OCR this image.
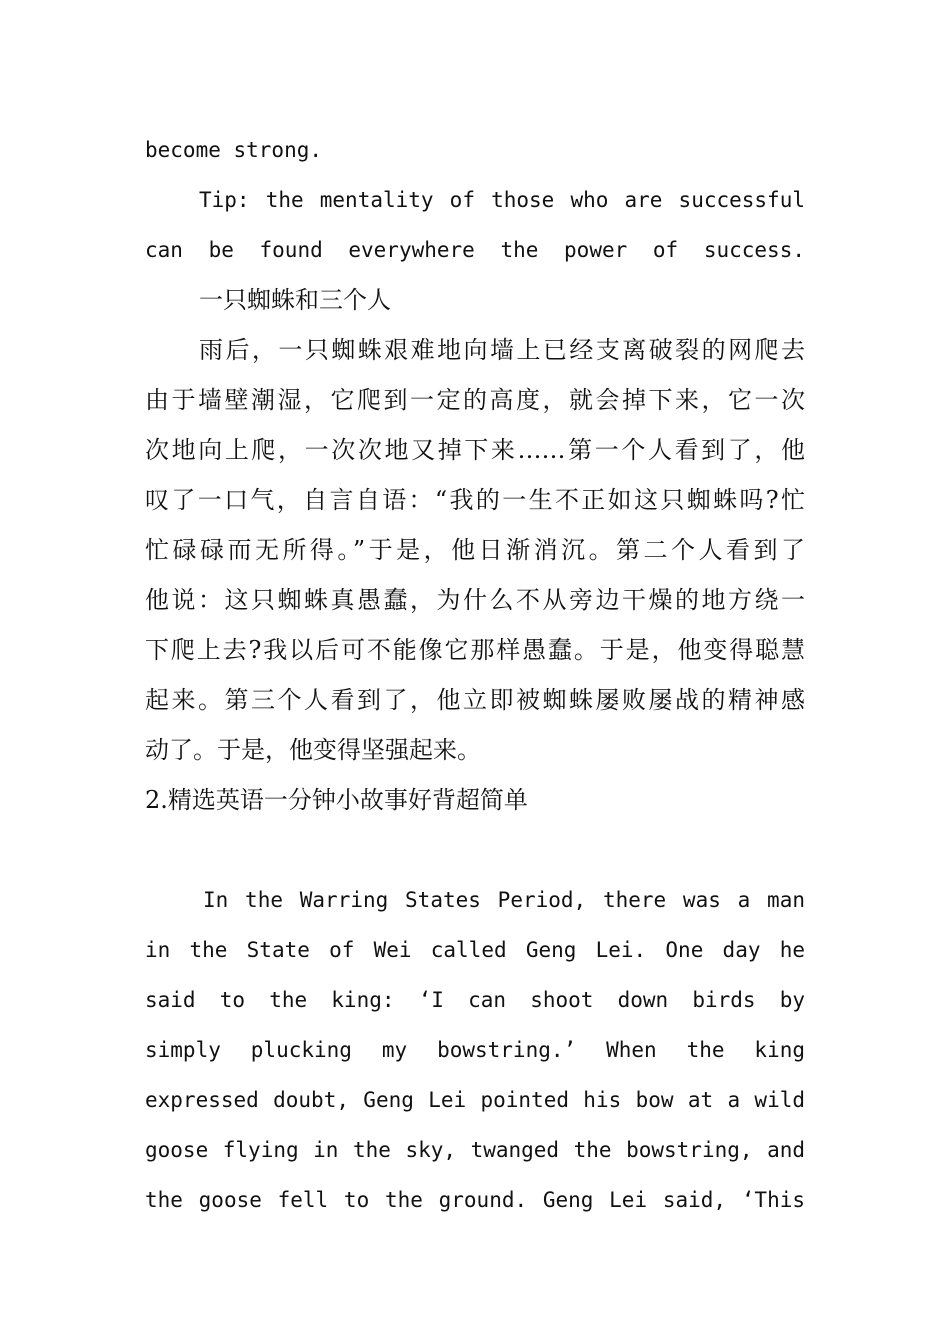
become strong.
Tip: the mentality of those who are successful
can be found everywhere the power of success.
一只蜘蛛和三个人
雨后，一只蜘蛛艰难地向墙上已经支离破裂的网爬去
由于墙壁潮湿，它爬到一定的高度，就会掉下来，它一次
次地向上爬，一次次地又掉下来……第一个人看到了，他
叹了一口气，自言自语：“我的一生不正如这只蜘蛛吗?忙
忙碌碌而无所得。”于是，他日渐消沉。第二个人看到了
他说：这只蜘蛛真愚蠢，为什么不从旁边干燥的地方绕一
下爬上去?我以后可不能像它那样愚蠢。于是，他变得聪慧
起来。第三个人看到了，他立即被蜘蛛屡败屡战的精神感
动了。于是，他变得坚强起来。
2.精选英语一分钟小故事好背超简单
In the Warring States Period, there was a man
in the State of Wei called Geng Lei. One day he
said to the king: ‘I can shoot down birds by
simply plucking my bowstring.’ When the king
expressed doubt, Geng Lei pointed his bow at a wild
goose flying in the sky, twanged the bowstring, and
the goose fell to the ground. Geng Lei said, ‘This
